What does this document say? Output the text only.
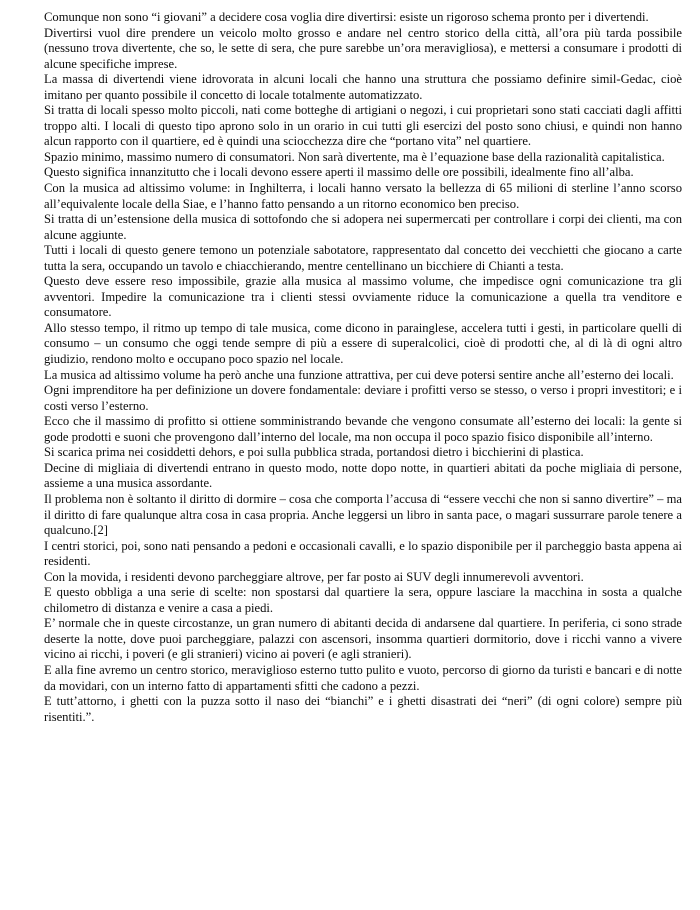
Comunque non sono “i giovani” a decidere cosa voglia dire divertirsi: esiste un rigoroso schema pronto per i divertendi.

Divertirsi vuol dire prendere un veicolo molto grosso e andare nel centro storico della città, all’ora più tarda possibile (nessuno trova divertente, che so, le sette di sera, che pure sarebbe un’ora meravigliosa), e mettersi a consumare i prodotti di alcune specifiche imprese.

La massa di divertendi viene idrovorata in alcuni locali che hanno una struttura che possiamo definire simil-Gedac, cioè imitano per quanto possibile il concetto di locale totalmente automatizzato.

Si tratta di locali spesso molto piccoli, nati come botteghe di artigiani o negozi, i cui proprietari sono stati cacciati dagli affitti troppo alti. I locali di questo tipo aprono solo in un orario in cui tutti gli esercizi del posto sono chiusi, e quindi non hanno alcun rapporto con il quartiere, ed è quindi una sciocchezza dire che “portano vita” nel quartiere.

Spazio minimo, massimo numero di consumatori. Non sarà divertente, ma è l’equazione base della razionalità capitalistica.

Questo significa innanzitutto che i locali devono essere aperti il massimo delle ore possibili, idealmente fino all’alba.

Con la musica ad altissimo volume: in Inghilterra, i locali hanno versato la bellezza di 65 milioni di sterline l’anno scorso all’equivalente locale della Siae, e l’hanno fatto pensando a un ritorno economico ben preciso.

Si tratta di un’estensione della musica di sottofondo che si adopera nei supermercati per controllare i corpi dei clienti, ma con alcune aggiunte.

Tutti i locali di questo genere temono un potenziale sabotatore, rappresentato dal concetto dei vecchietti che giocano a carte tutta la sera, occupando un tavolo e chiacchierando, mentre centellinano un bicchiere di Chianti a testa.

Questo deve essere reso impossibile, grazie alla musica al massimo volume, che impedisce ogni comunicazione tra gli avventori. Impedire la comunicazione tra i clienti stessi ovviamente riduce la comunicazione a quella tra venditore e consumatore.

Allo stesso tempo, il ritmo up tempo di tale musica, come dicono in parainglese, accelera tutti i gesti, in particolare quelli di consumo – un consumo che oggi tende sempre di più a essere di superalcolici, cioè di prodotti che, al di là di ogni altro giudizio, rendono molto e occupano poco spazio nel locale.

La musica ad altissimo volume ha però anche una funzione attrattiva, per cui deve potersi sentire anche all’esterno dei locali.

Ogni imprenditore ha per definizione un dovere fondamentale: deviare i profitti verso se stesso, o verso i propri investitori; e i costi verso l’esterno.

Ecco che il massimo di profitto si ottiene somministrando bevande che vengono consumate all’esterno dei locali: la gente si gode prodotti e suoni che provengono dall’interno del locale, ma non occupa il poco spazio fisico disponibile all’interno.

Si scarica prima nei cosiddetti dehors, e poi sulla pubblica strada, portandosi dietro i bicchierini di plastica.

Decine di migliaia di divertendi entrano in questo modo, notte dopo notte, in quartieri abitati da poche migliaia di persone, assieme a una musica assordante.

Il problema non è soltanto il diritto di dormire – cosa che comporta l’accusa di “essere vecchi che non si sanno divertire” – ma il diritto di fare qualunque altra cosa in casa propria. Anche leggersi un libro in santa pace, o magari sussurrare parole tenere a qualcuno.[2]

I centri storici, poi, sono nati pensando a pedoni e occasionali cavalli, e lo spazio disponibile per il parcheggio basta appena ai residenti.

Con la movida, i residenti devono parcheggiare altrove, per far posto ai SUV degli innumerevoli avventori.

E questo obbliga a una serie di scelte: non spostarsi dal quartiere la sera, oppure lasciare la macchina in sosta a qualche chilometro di distanza e venire a casa a piedi.

E’ normale che in queste circostanze, un gran numero di abitanti decida di andarsene dal quartiere. In periferia, ci sono strade deserte la notte, dove puoi parcheggiare, palazzi con ascensori, insomma quartieri dormitorio, dove i ricchi vanno a vivere vicino ai ricchi, i poveri (e gli stranieri) vicino ai poveri (e agli stranieri).

E alla fine avremo un centro storico, meraviglioso esterno tutto pulito e vuoto, percorso di giorno da turisti e bancari e di notte da movidari, con un interno fatto di appartamenti sfitti che cadono a pezzi.

E tutt’attorno, i ghetti con la puzza sotto il naso dei “bianchi” e i ghetti disastrati dei “neri” (di ogni colore) sempre più risentiti.”.
